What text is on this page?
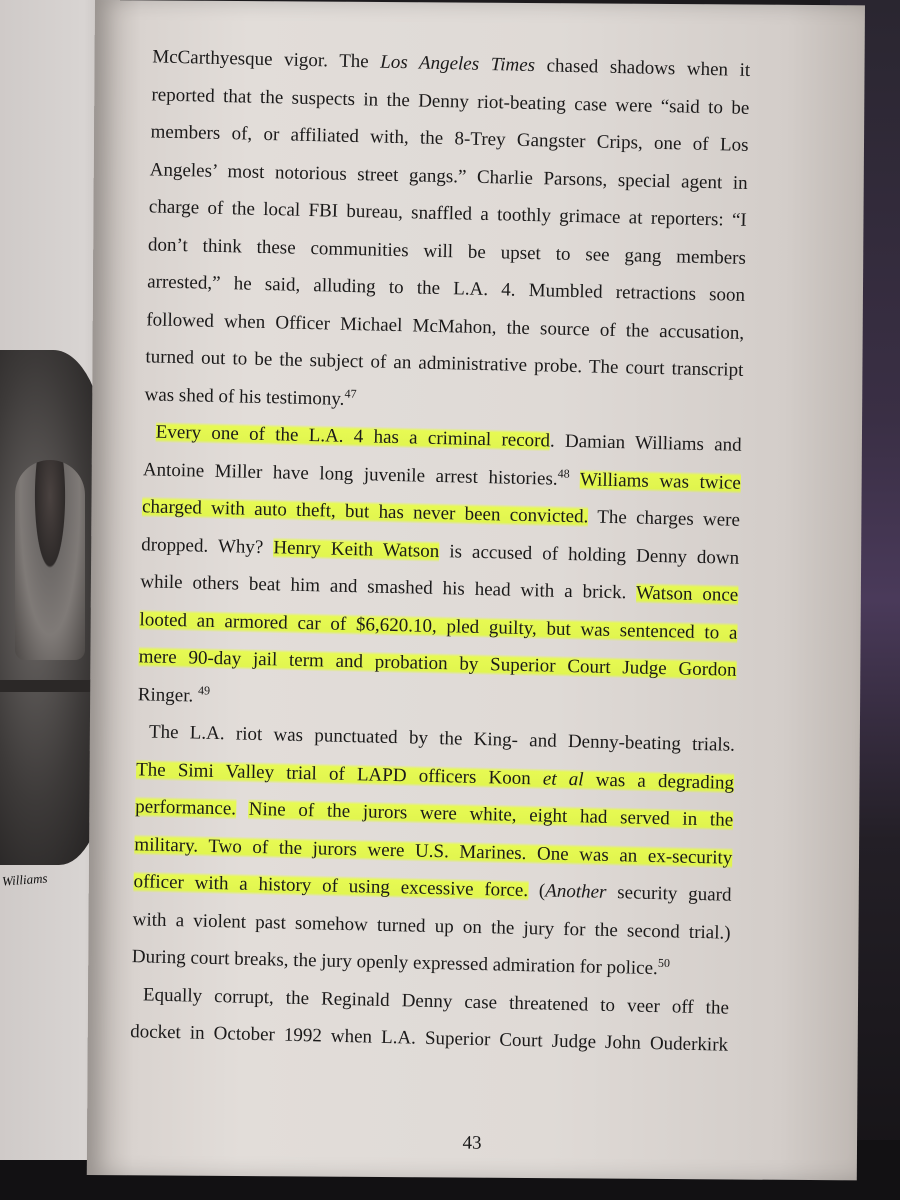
Williams
McCarthyesque vigor. The Los Angeles Times chased shadows when it
reported that the suspects in the Denny riot-beating case were “said to be
members of, or affiliated with, the 8-Trey Gangster Crips, one of Los
Angeles’ most notorious street gangs.” Charlie Parsons, special agent in
charge of the local FBI bureau, snaffled a toothly grimace at reporters: “I
don’t think these communities will be upset to see gang members
arrested,” he said, alluding to the L.A. 4. Mumbled retractions soon
followed when Officer Michael McMahon, the source of the accusation,
turned out to be the subject of an administrative probe. The court transcript
was shed of his testimony.$^{47}$
Every one of the L.A. 4 has a criminal record. Damian Williams and
Antoine Miller have long juvenile arrest histories.$^{48}$ Williams was twice
charged with auto theft, but has never been convicted. The charges were
dropped. Why? Henry Keith Watson is accused of holding Denny down
while others beat him and smashed his head with a brick. Watson once
looted an armored car of $6,620.10, pled guilty, but was sentenced to a
mere 90-day jail term and probation by Superior Court Judge Gordon
Ringer. $^{49}$
The L.A. riot was punctuated by the King- and Denny-beating trials.
The Simi Valley trial of LAPD officers Koon et al was a degrading
performance. Nine of the jurors were white, eight had served in the
military. Two of the jurors were U.S. Marines. One was an ex-security
officer with a history of using excessive force. (Another security guard
with a violent past somehow turned up on the jury for the second trial.)
During court breaks, the jury openly expressed admiration for police.$^{50}$
Equally corrupt, the Reginald Denny case threatened to veer off the
docket in October 1992 when L.A. Superior Court Judge John Ouderkirk
43
